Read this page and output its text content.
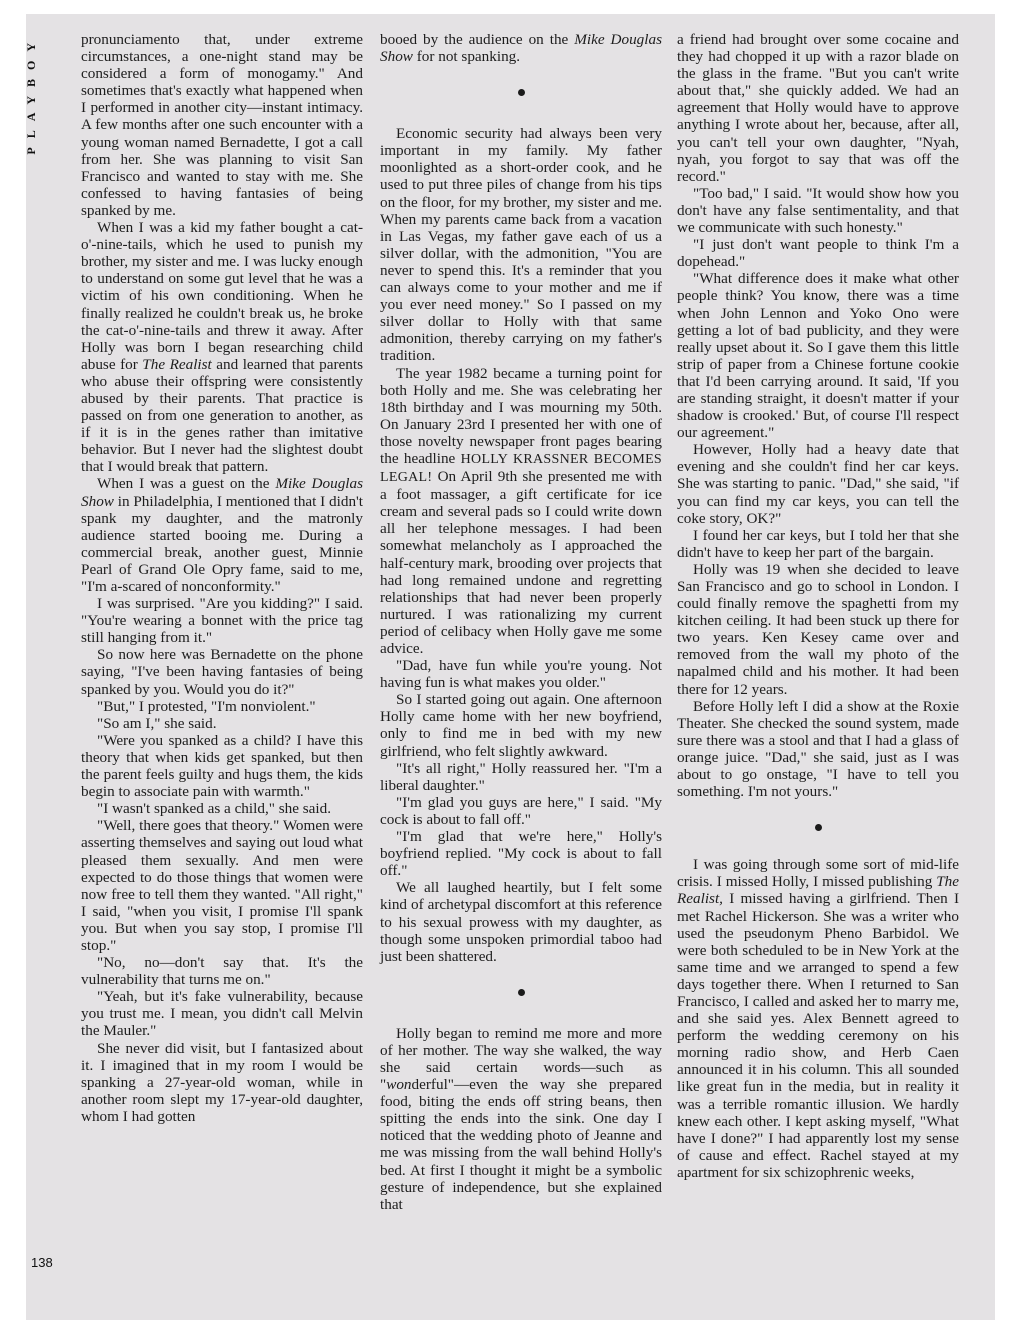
PLAYBOY
138

pronunciamento that, under extreme circumstances, a one-night stand may be considered a form of monogamy." And sometimes that's exactly what happened when I performed in another city—instant intimacy. A few months after one such encounter with a young woman named Bernadette, I got a call from her. She was planning to visit San Francisco and wanted to stay with me. She confessed to having fantasies of being spanked by me.

When I was a kid my father bought a cat-o'-nine-tails, which he used to punish my brother, my sister and me. I was lucky enough to understand on some gut level that he was a victim of his own conditioning. When he finally realized he couldn't break us, he broke the cat-o'-nine-tails and threw it away. After Holly was born I began researching child abuse for The Realist and learned that parents who abuse their offspring were consistently abused by their parents. That practice is passed on from one generation to another, as if it is in the genes rather than imitative behavior. But I never had the slightest doubt that I would break that pattern.

When I was a guest on the Mike Douglas Show in Philadelphia, I mentioned that I didn't spank my daughter, and the matronly audience started booing me. During a commercial break, another guest, Minnie Pearl of Grand Ole Opry fame, said to me, "I'm a-scared of nonconformity."

I was surprised. "Are you kidding?" I said. "You're wearing a bonnet with the price tag still hanging from it."

So now here was Bernadette on the phone saying, "I've been having fantasies of being spanked by you. Would you do it?"

"But," I protested, "I'm nonviolent."

"So am I," she said.

"Were you spanked as a child? I have this theory that when kids get spanked, but then the parent feels guilty and hugs them, the kids begin to associate pain with warmth."

"I wasn't spanked as a child," she said.

"Well, there goes that theory." Women were asserting themselves and saying out loud what pleased them sexually. And men were expected to do those things that women were now free to tell them they wanted. "All right," I said, "when you visit, I promise I'll spank you. But when you say stop, I promise I'll stop."

"No, no—don't say that. It's the vulnerability that turns me on."

"Yeah, but it's fake vulnerability, because you trust me. I mean, you didn't call Melvin the Mauler."

She never did visit, but I fantasized about it. I imagined that in my room I would be spanking a 27-year-old woman, while in another room slept my 17-year-old daughter, whom I had gotten

booed by the audience on the Mike Douglas Show for not spanking.

Economic security had always been very important in my family. My father moonlighted as a short-order cook, and he used to put three piles of change from his tips on the floor, for my brother, my sister and me. When my parents came back from a vacation in Las Vegas, my father gave each of us a silver dollar, with the admonition, "You are never to spend this. It's a reminder that you can always come to your mother and me if you ever need money." So I passed on my silver dollar to Holly with that same admonition, thereby carrying on my father's tradition.

The year 1982 became a turning point for both Holly and me. She was celebrating her 18th birthday and I was mourning my 50th. On January 23rd I presented her with one of those novelty newspaper front pages bearing the headline HOLLY KRASSNER BECOMES LEGAL! On April 9th she presented me with a foot massager, a gift certificate for ice cream and several pads so I could write down all her telephone messages. I had been somewhat melancholy as I approached the half-century mark, brooding over projects that had long remained undone and regretting relationships that had never been properly nurtured. I was rationalizing my current period of celibacy when Holly gave me some advice.

"Dad, have fun while you're young. Not having fun is what makes you older."

So I started going out again. One afternoon Holly came home with her new boyfriend, only to find me in bed with my new girlfriend, who felt slightly awkward.

"It's all right," Holly reassured her. "I'm a liberal daughter."

"I'm glad you guys are here," I said. "My cock is about to fall off."

"I'm glad that we're here," Holly's boyfriend replied. "My cock is about to fall off."

We all laughed heartily, but I felt some kind of archetypal discomfort at this reference to his sexual prowess with my daughter, as though some unspoken primordial taboo had just been shattered.

Holly began to remind me more and more of her mother. The way she walked, the way she said certain words—such as "wonderful"—even the way she prepared food, biting the ends off string beans, then spitting the ends into the sink. One day I noticed that the wedding photo of Jeanne and me was missing from the wall behind Holly's bed. At first I thought it might be a symbolic gesture of independence, but she explained that

a friend had brought over some cocaine and they had chopped it up with a razor blade on the glass in the frame. "But you can't write about that," she quickly added. We had an agreement that Holly would have to approve anything I wrote about her, because, after all, you can't tell your own daughter, "Nyah, nyah, you forgot to say that was off the record."

"Too bad," I said. "It would show how you don't have any false sentimentality, and that we communicate with such honesty."

"I just don't want people to think I'm a dopehead."

"What difference does it make what other people think? You know, there was a time when John Lennon and Yoko Ono were getting a lot of bad publicity, and they were really upset about it. So I gave them this little strip of paper from a Chinese fortune cookie that I'd been carrying around. It said, 'If you are standing straight, it doesn't matter if your shadow is crooked.' But, of course I'll respect our agreement."

However, Holly had a heavy date that evening and she couldn't find her car keys. She was starting to panic. "Dad," she said, "if you can find my car keys, you can tell the coke story, OK?"

I found her car keys, but I told her that she didn't have to keep her part of the bargain.

Holly was 19 when she decided to leave San Francisco and go to school in London. I could finally remove the spaghetti from my kitchen ceiling. It had been stuck up there for two years. Ken Kesey came over and removed from the wall my photo of the napalmed child and his mother. It had been there for 12 years.

Before Holly left I did a show at the Roxie Theater. She checked the sound system, made sure there was a stool and that I had a glass of orange juice. "Dad," she said, just as I was about to go onstage, "I have to tell you something. I'm not yours."

I was going through some sort of mid-life crisis. I missed Holly, I missed publishing The Realist, I missed having a girlfriend. Then I met Rachel Hickerson. She was a writer who used the pseudonym Pheno Barbidol. We were both scheduled to be in New York at the same time and we arranged to spend a few days together there. When I returned to San Francisco, I called and asked her to marry me, and she said yes. Alex Bennett agreed to perform the wedding ceremony on his morning radio show, and Herb Caen announced it in his column. This all sounded like great fun in the media, but in reality it was a terrible romantic illusion. We hardly knew each other. I kept asking myself, "What have I done?" I had apparently lost my sense of cause and effect. Rachel stayed at my apartment for six schizophrenic weeks,
